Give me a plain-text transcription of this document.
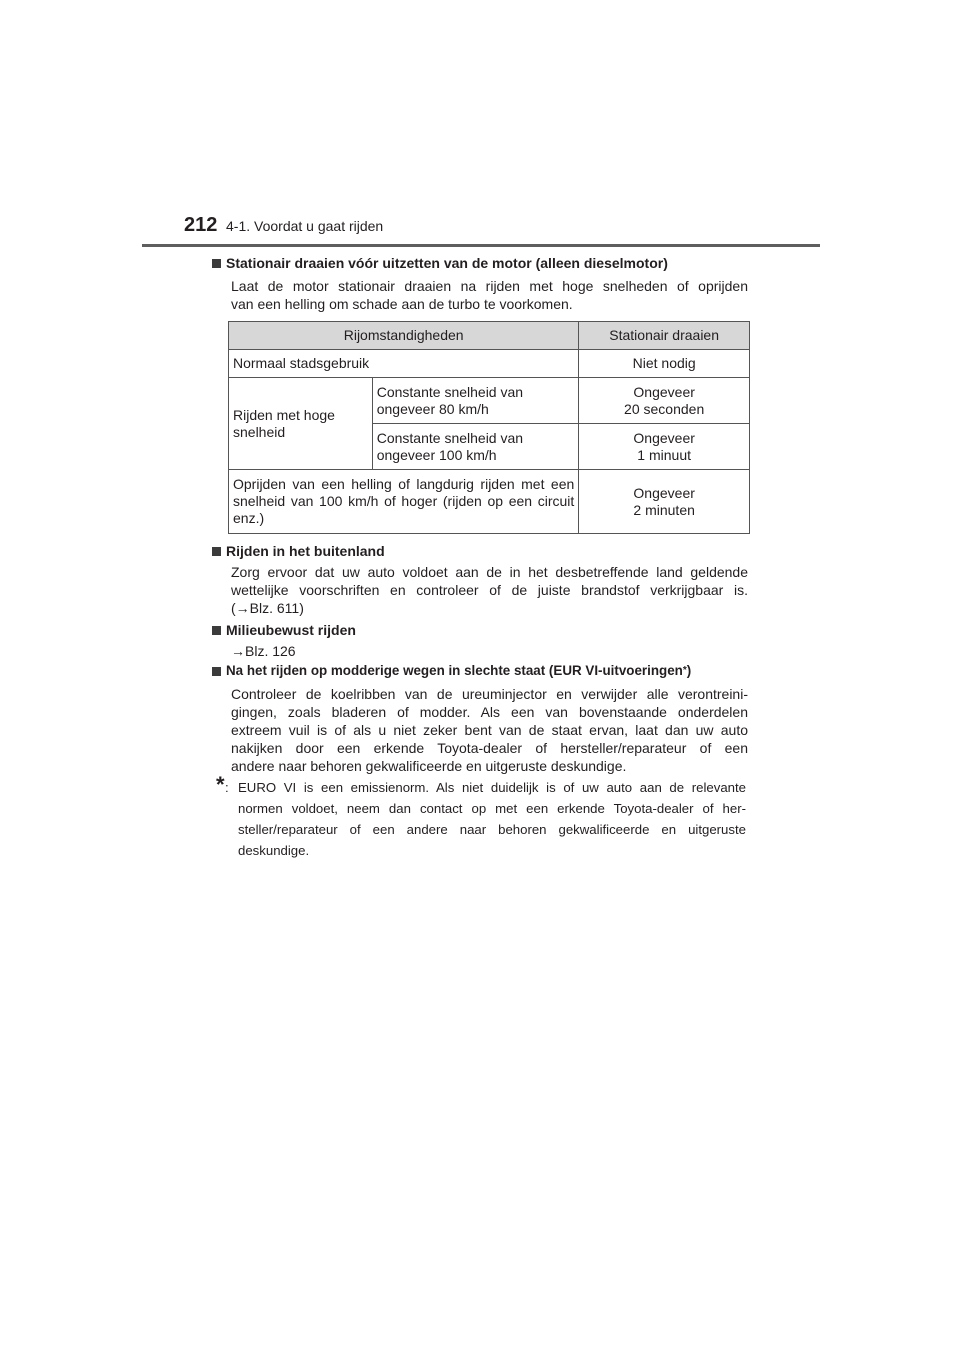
212 4-1. Voordat u gaat rijden
Stationair draaien vóór uitzetten van de motor (alleen dieselmotor)
Laat de motor stationair draaien na rijden met hoge snelheden of oprijden
van een helling om schade aan de turbo te voorkomen.
Rijomstandigheden		Stationair draaien
Normaal stadsgebruik		Niet nodig
Rijden met hoge snelheid	Constante snelheid van ongeveer 80 km/h	Ongeveer
20 seconden

	Constante snelheid van ongeveer 100 km/h	Ongeveer
1 minuut

Oprijden van een helling of langdurig rijden met een snelheid van 100 km/h of hoger (rijden op een circuit enz.)		Ongeveer
2 minuten
Rijden in het buitenland
Zorg ervoor dat uw auto voldoet aan de in het desbetreffende land geldende
wettelijke voorschriften en controleer of de juiste brandstof verkrijgbaar is.
(→Blz. 611)
Milieubewust rijden
→Blz. 126
Na het rijden op modderige wegen in slechte staat (EUR VI-uitvoeringen * )
Controleer de koelribben van de ureuminjector en verwijder alle verontreini-
gingen, zoals bladeren of modder. Als een van bovenstaande onderdelen
extreem vuil is of als u niet zeker bent van de staat ervan, laat dan uw auto
nakijken door een erkende Toyota-dealer of hersteller/reparateur of een
andere naar behoren gekwalificeerde en uitgeruste deskundige.
* : EURO VI is een emissienorm. Als niet duidelijk is of uw auto aan de relevante
normen voldoet, neem dan contact op met een erkende Toyota-dealer of her-
steller/reparateur of een andere naar behoren gekwalificeerde en uitgeruste
deskundige.
